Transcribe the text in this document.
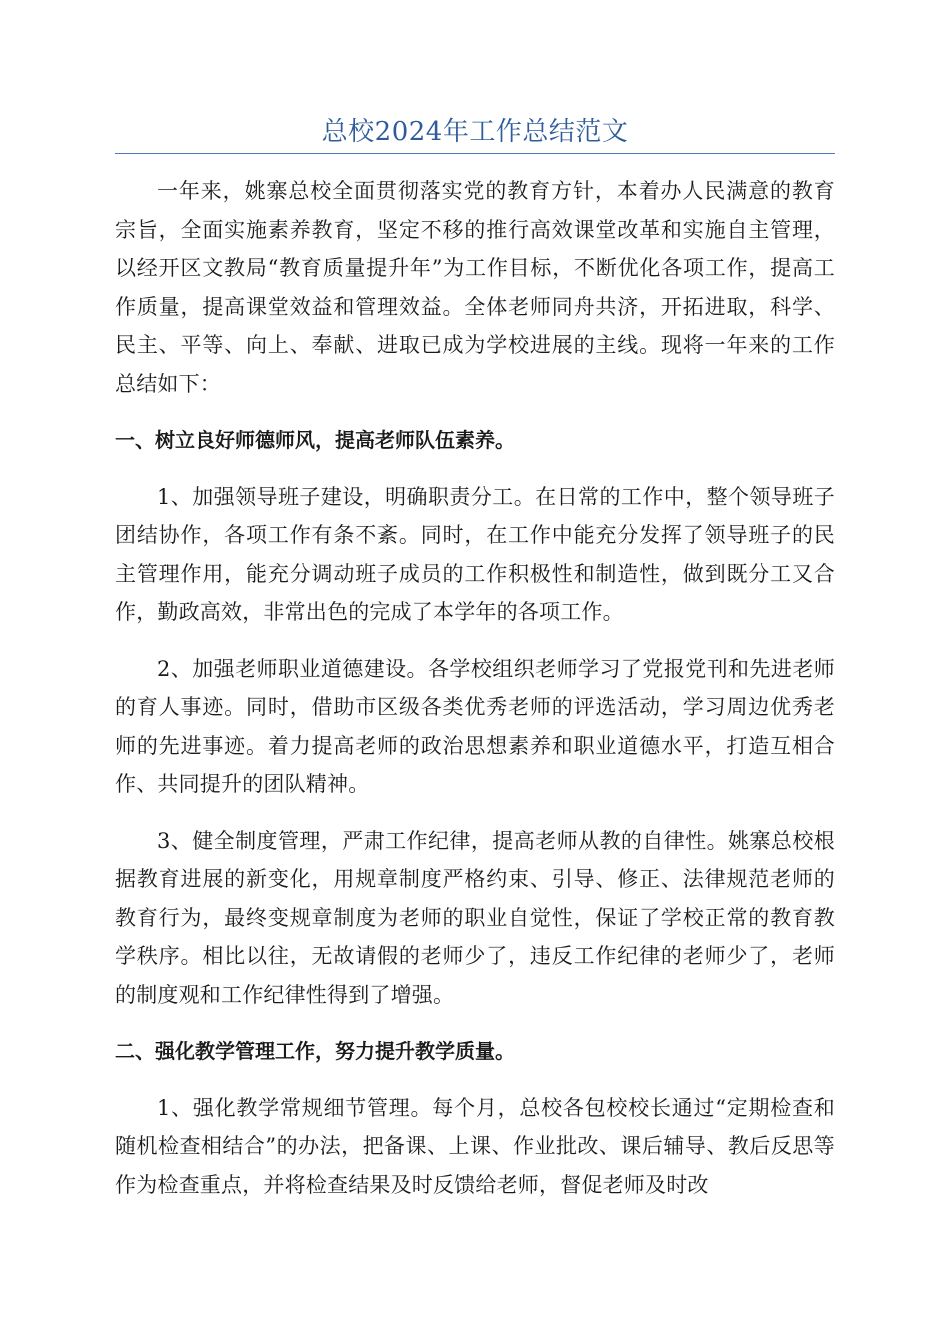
总校2024年工作总结范文

一年来，姚寨总校全面贯彻落实党的教育方针，本着办人民满意的教育宗旨，全面实施素养教育，坚定不移的推行高效课堂改革和实施自主管理，以经开区文教局“教育质量提升年”为工作目标，不断优化各项工作，提高工作质量，提高课堂效益和管理效益。全体老师同舟共济，开拓进取，科学、民主、平等、向上、奉献、进取已成为学校进展的主线。现将一年来的工作总结如下：

一、树立良好师德师风，提高老师队伍素养。

1、加强领导班子建设，明确职责分工。在日常的工作中，整个领导班子团结协作，各项工作有条不紊。同时，在工作中能充分发挥了领导班子的民主管理作用，能充分调动班子成员的工作积极性和制造性，做到既分工又合作，勤政高效，非常出色的完成了本学年的各项工作。

2、加强老师职业道德建设。各学校组织老师学习了党报党刊和先进老师的育人事迹。同时，借助市区级各类优秀老师的评选活动，学习周边优秀老师的先进事迹。着力提高老师的政治思想素养和职业道德水平，打造互相合作、共同提升的团队精神。

3、健全制度管理，严肃工作纪律，提高老师从教的自律性。姚寨总校根据教育进展的新变化，用规章制度严格约束、引导、修正、法律规范老师的教育行为，最终变规章制度为老师的职业自觉性，保证了学校正常的教育教学秩序。相比以往，无故请假的老师少了，违反工作纪律的老师少了，老师的制度观和工作纪律性得到了增强。

二、强化教学管理工作，努力提升教学质量。

1、强化教学常规细节管理。每个月，总校各包校校长通过“定期检查和随机检查相结合”的办法，把备课、上课、作业批改、课后辅导、教后反思等作为检查重点，并将检查结果及时反馈给老师，督促老师及时改
